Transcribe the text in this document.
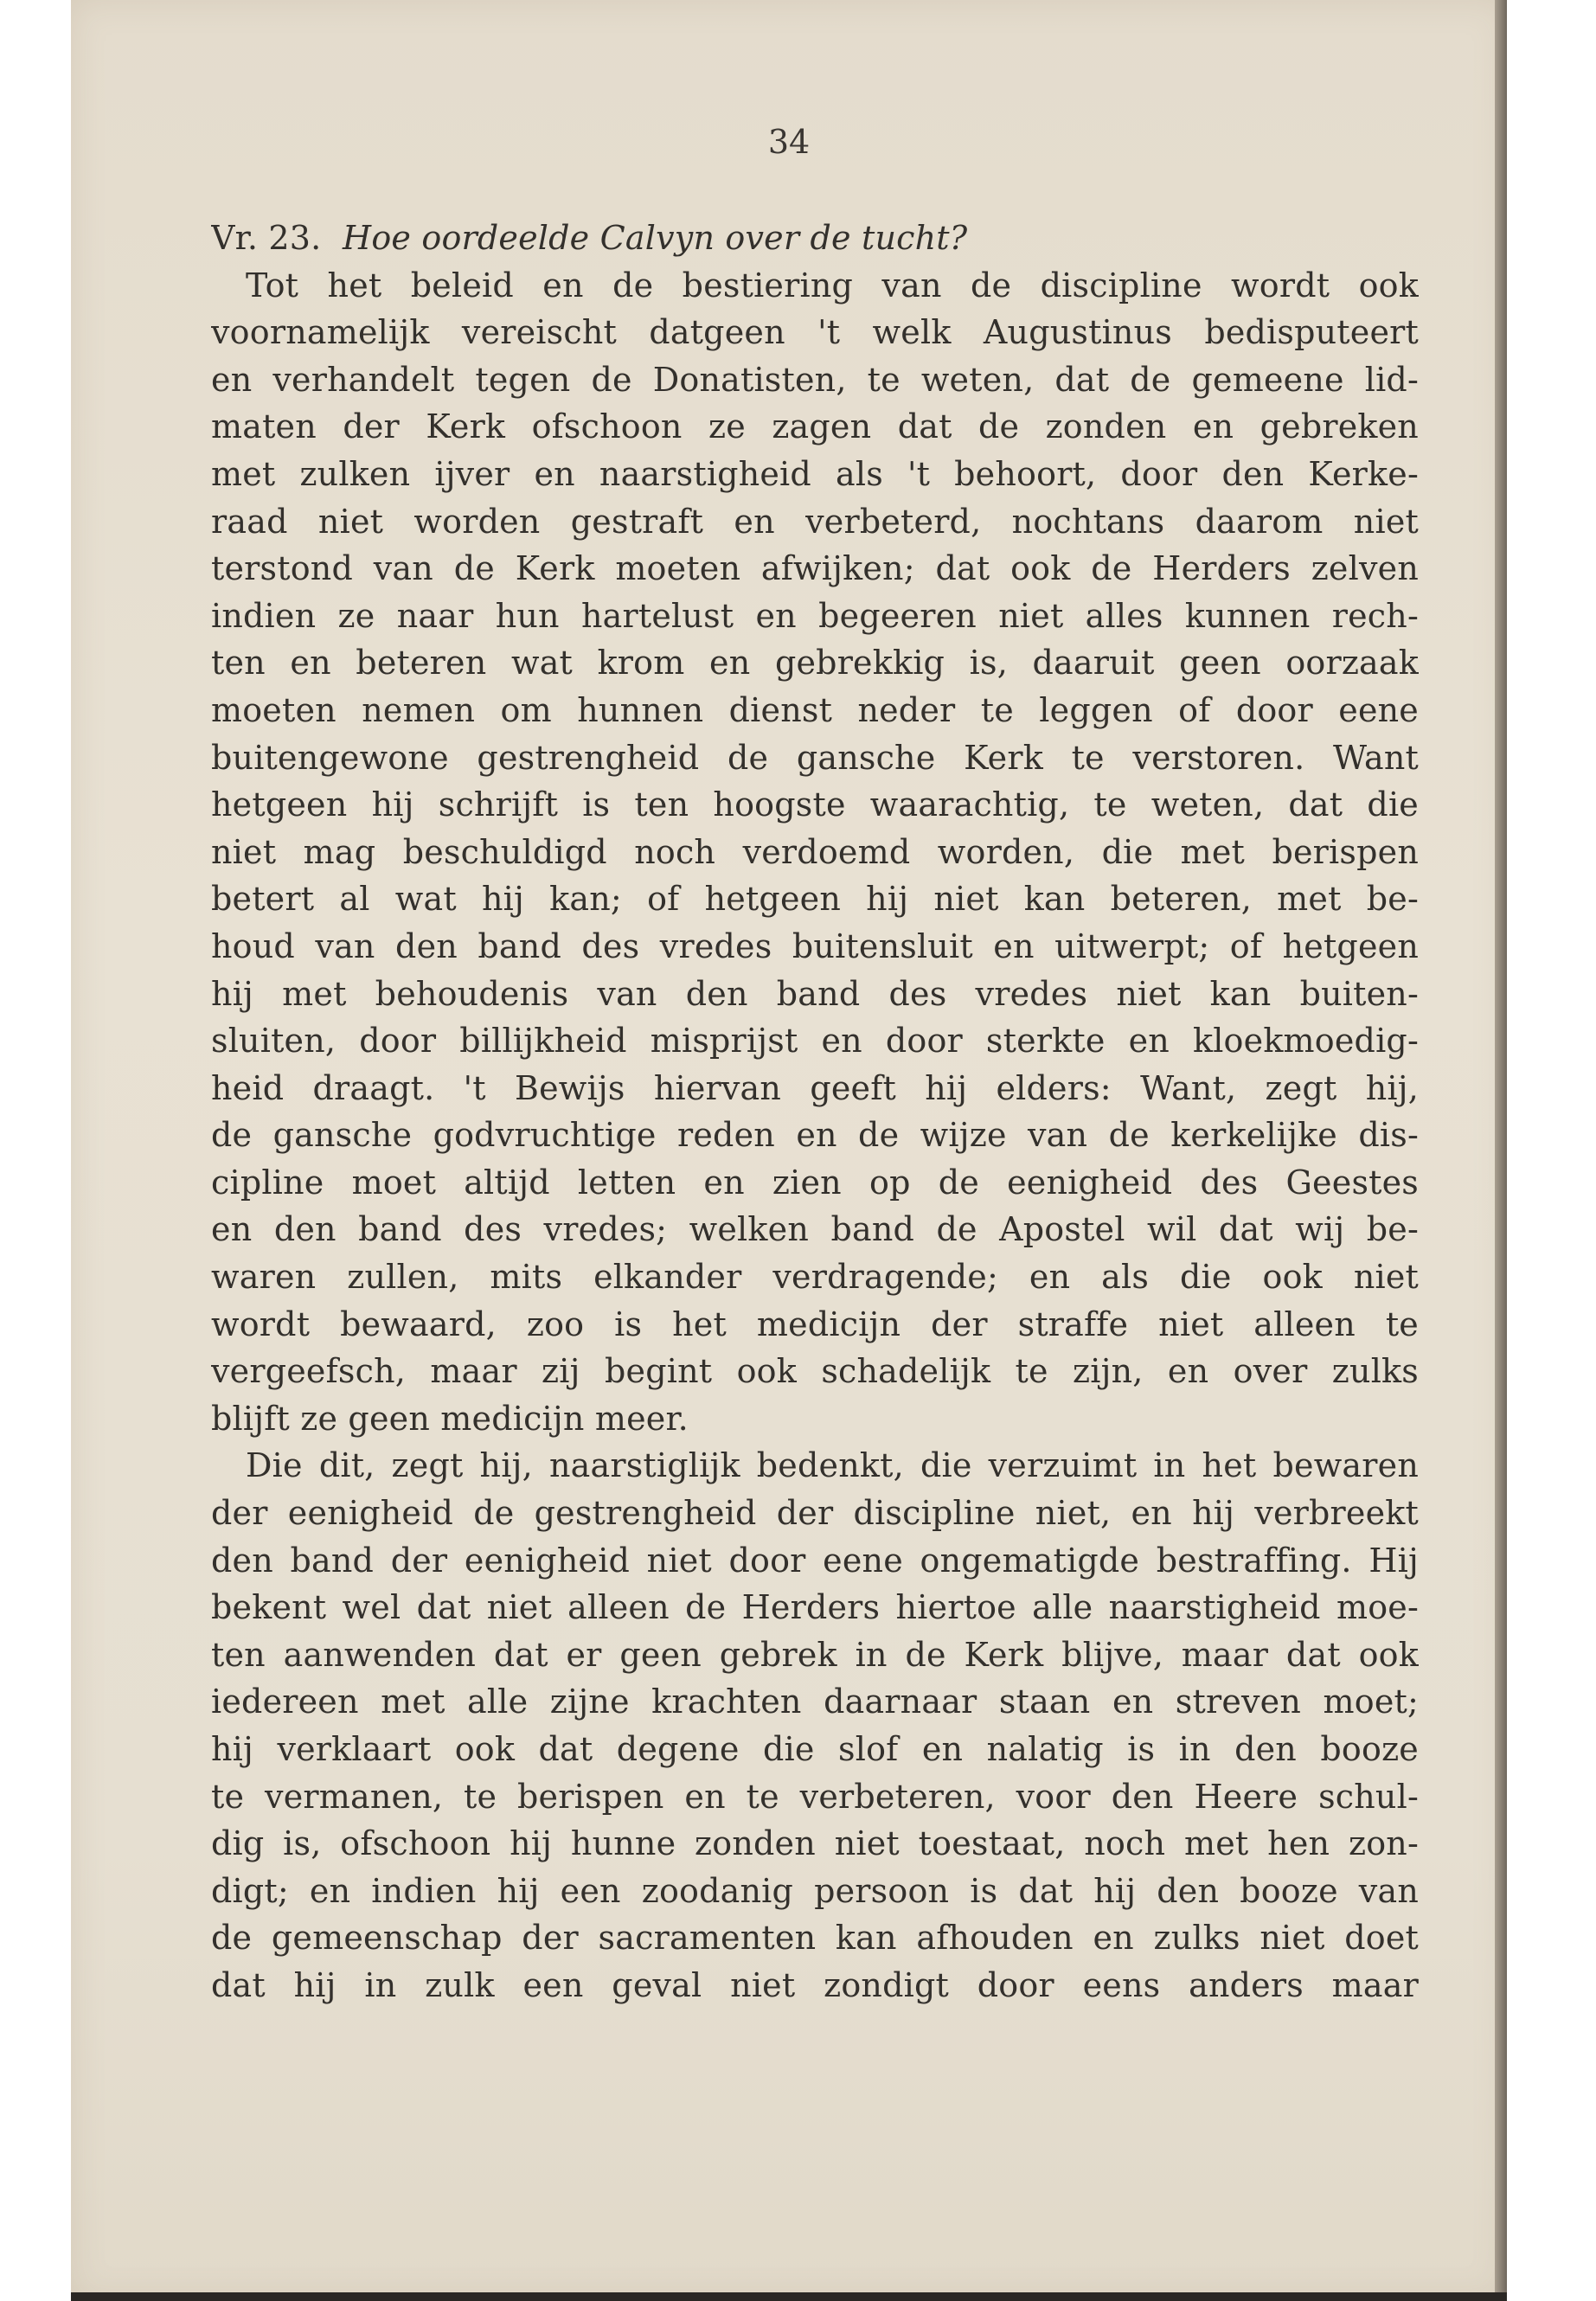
34
Vr. 23. Hoe oordeelde Calvyn over de tucht?
Tot het beleid en de bestiering van de discipline wordt ook
voornamelijk vereischt datgeen 't welk Augustinus bedisputeert
en verhandelt tegen de Donatisten, te weten, dat de gemeene lid-
maten der Kerk ofschoon ze zagen dat de zonden en gebreken
met zulken ijver en naarstigheid als 't behoort, door den Kerke-
raad niet worden gestraft en verbeterd, nochtans daarom niet
terstond van de Kerk moeten afwijken; dat ook de Herders zelven
indien ze naar hun hartelust en begeeren niet alles kunnen rech-
ten en beteren wat krom en gebrekkig is, daaruit geen oorzaak
moeten nemen om hunnen dienst neder te leggen of door eene
buitengewone gestrengheid de gansche Kerk te verstoren. Want
hetgeen hij schrijft is ten hoogste waarachtig, te weten, dat die
niet mag beschuldigd noch verdoemd worden, die met berispen
betert al wat hij kan; of hetgeen hij niet kan beteren, met be-
houd van den band des vredes buitensluit en uitwerpt; of hetgeen
hij met behoudenis van den band des vredes niet kan buiten-
sluiten, door billijkheid misprijst en door sterkte en kloekmoedig-
heid draagt. 't Bewijs hiervan geeft hij elders: Want, zegt hij,
de gansche godvruchtige reden en de wijze van de kerkelijke dis-
cipline moet altijd letten en zien op de eenigheid des Geestes
en den band des vredes; welken band de Apostel wil dat wij be-
waren zullen, mits elkander verdragende; en als die ook niet
wordt bewaard, zoo is het medicijn der straffe niet alleen te
vergeefsch, maar zij begint ook schadelijk te zijn, en over zulks
blijft ze geen medicijn meer.
Die dit, zegt hij, naarstiglijk bedenkt, die verzuimt in het bewaren
der eenigheid de gestrengheid der discipline niet, en hij verbreekt
den band der eenigheid niet door eene ongematigde bestraffing. Hij
bekent wel dat niet alleen de Herders hiertoe alle naarstigheid moe-
ten aanwenden dat er geen gebrek in de Kerk blijve, maar dat ook
iedereen met alle zijne krachten daarnaar staan en streven moet;
hij verklaart ook dat degene die slof en nalatig is in den booze
te vermanen, te berispen en te verbeteren, voor den Heere schul-
dig is, ofschoon hij hunne zonden niet toestaat, noch met hen zon-
digt; en indien hij een zoodanig persoon is dat hij den booze van
de gemeenschap der sacramenten kan afhouden en zulks niet doet
dat hij in zulk een geval niet zondigt door eens anders maar
